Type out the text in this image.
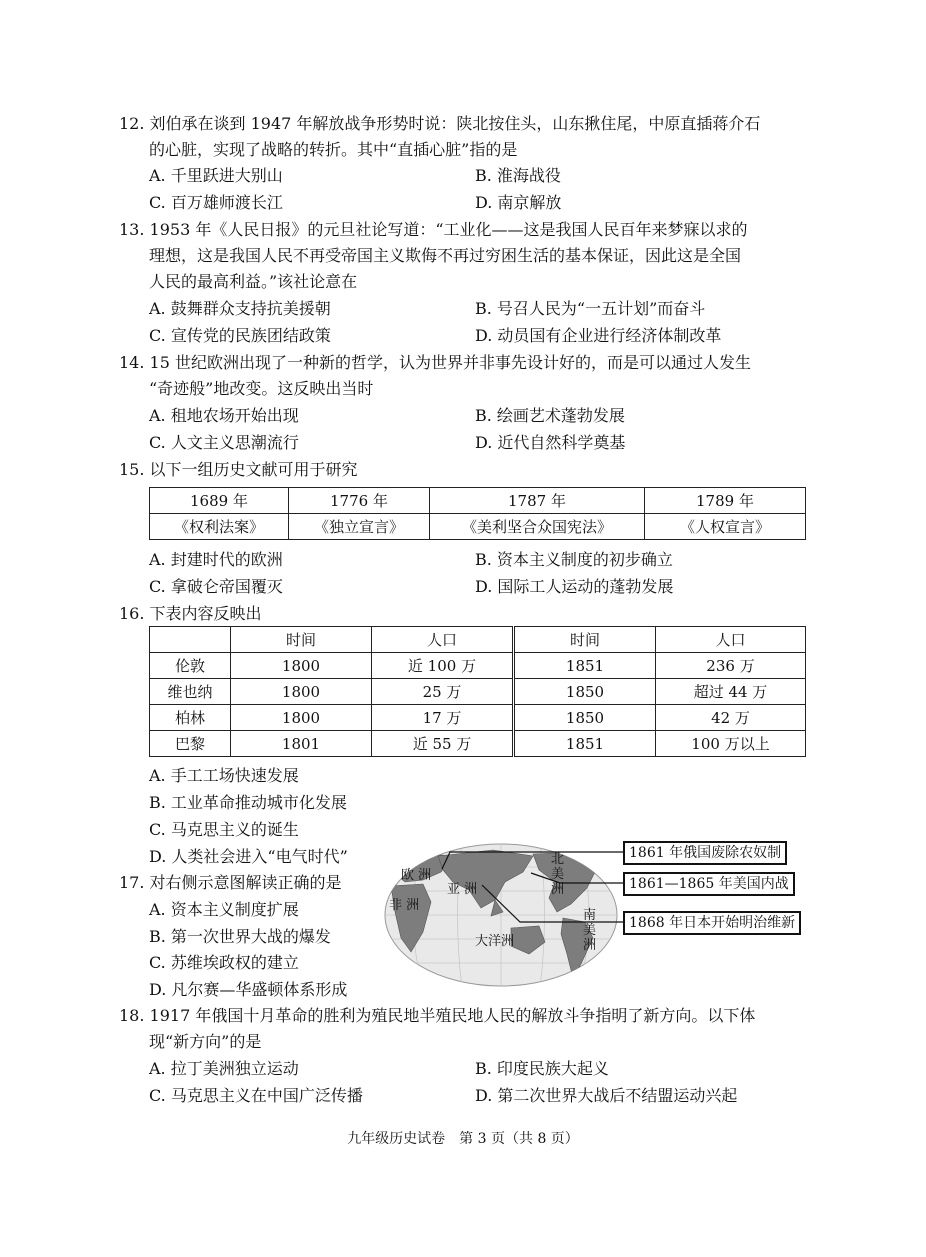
12. 刘伯承在谈到 1947 年解放战争形势时说：陕北按住头，山东揪住尾，中原直插蒋介石
的心脏，实现了战略的转折。其中“直插心脏”指的是
A. 千里跃进大别山	B. 淮海战役
C. 百万雄师渡长江	D. 南京解放
13. 1953 年《人民日报》的元旦社论写道：“工业化——这是我国人民百年来梦寐以求的
理想，这是我国人民不再受帝国主义欺侮不再过穷困生活的基本保证，因此这是全国
人民的最高利益。”该社论意在
A. 鼓舞群众支持抗美援朝	B. 号召人民为“一五计划”而奋斗
C. 宣传党的民族团结政策	D. 动员国有企业进行经济体制改革
14. 15 世纪欧洲出现了一种新的哲学，认为世界并非事先设计好的，而是可以通过人发生
“奇迹般”地改变。这反映出当时
A. 租地农场开始出现	B. 绘画艺术蓬勃发展
C. 人文主义思潮流行	D. 近代自然科学奠基
15. 以下一组历史文献可用于研究
1689 年	1776 年	1787 年	1789 年
《权利法案》	《独立宣言》	《美利坚合众国宪法》	《人权宣言》
A. 封建时代的欧洲	B. 资本主义制度的初步确立
C. 拿破仑帝国覆灭	D. 国际工人运动的蓬勃发展
16. 下表内容反映出
	时间	人口	时间	人口
伦敦	1800	近 100 万	1851	236 万
维也纳	1800	25 万	1850	超过 44 万
柏林	1800	17 万	1850	42 万
巴黎	1801	近 55 万	1851	100 万以上
A. 手工工场快速发展
B. 工业革命推动城市化发展
C. 马克思主义的诞生
D. 人类社会进入“电气时代”
17. 对右侧示意图解读正确的是
A. 资本主义制度扩展
B. 第一次世界大战的爆发
C. 苏维埃政权的建立
D. 凡尔赛—华盛顿体系形成
欧 洲
亚 洲
非 洲
大洋洲
北
美
洲
南
美
洲
1861 年俄国废除农奴制
1861—1865 年美国内战
1868 年日本开始明治维新
18. 1917 年俄国十月革命的胜利为殖民地半殖民地人民的解放斗争指明了新方向。以下体
现“新方向”的是
A. 拉丁美洲独立运动	B. 印度民族大起义
C. 马克思主义在中国广泛传播	D. 第二次世界大战后不结盟运动兴起
九年级历史试卷　第 3 页（共 8 页）
